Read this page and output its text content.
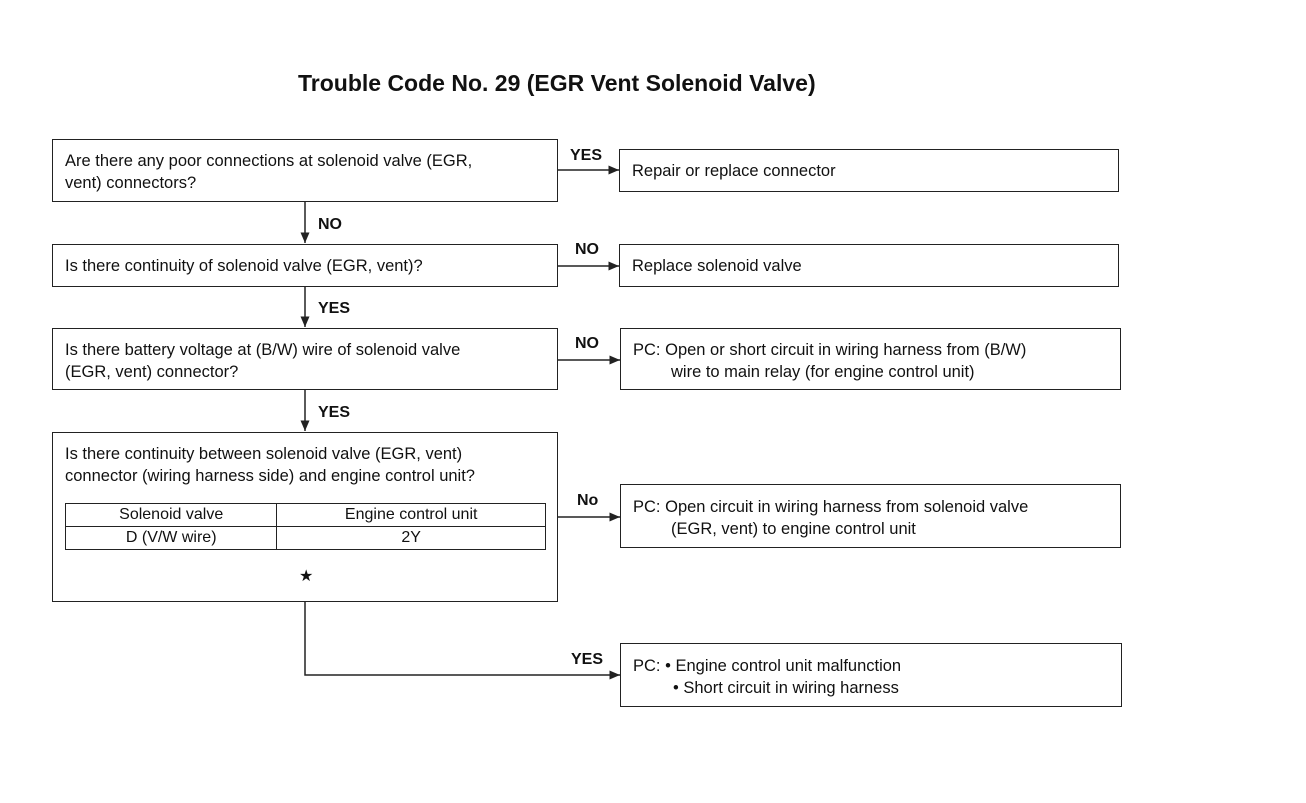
Trouble Code No. 29 (EGR Vent Solenoid Valve)
Are there any poor connections at solenoid valve (EGR,
vent) connectors?
Is there continuity of solenoid valve (EGR, vent)?
Is there battery voltage at (B/W) wire of solenoid valve
(EGR, vent) connector?
Is there continuity between solenoid valve (EGR, vent)
connector (wiring harness side) and engine control unit?
Solenoid valve	Engine control unit
D (V/W wire)	2Y
★
Repair or replace connector
Replace solenoid valve
PC: Open or short circuit in wiring harness from (B/W)
wire to main relay (for engine control unit)
PC: Open circuit in wiring harness from solenoid valve
(EGR, vent) to engine control unit
PC: • Engine control unit malfunction
• Short circuit in wiring harness
YES
NO
NO
YES
NO
YES
No
YES
